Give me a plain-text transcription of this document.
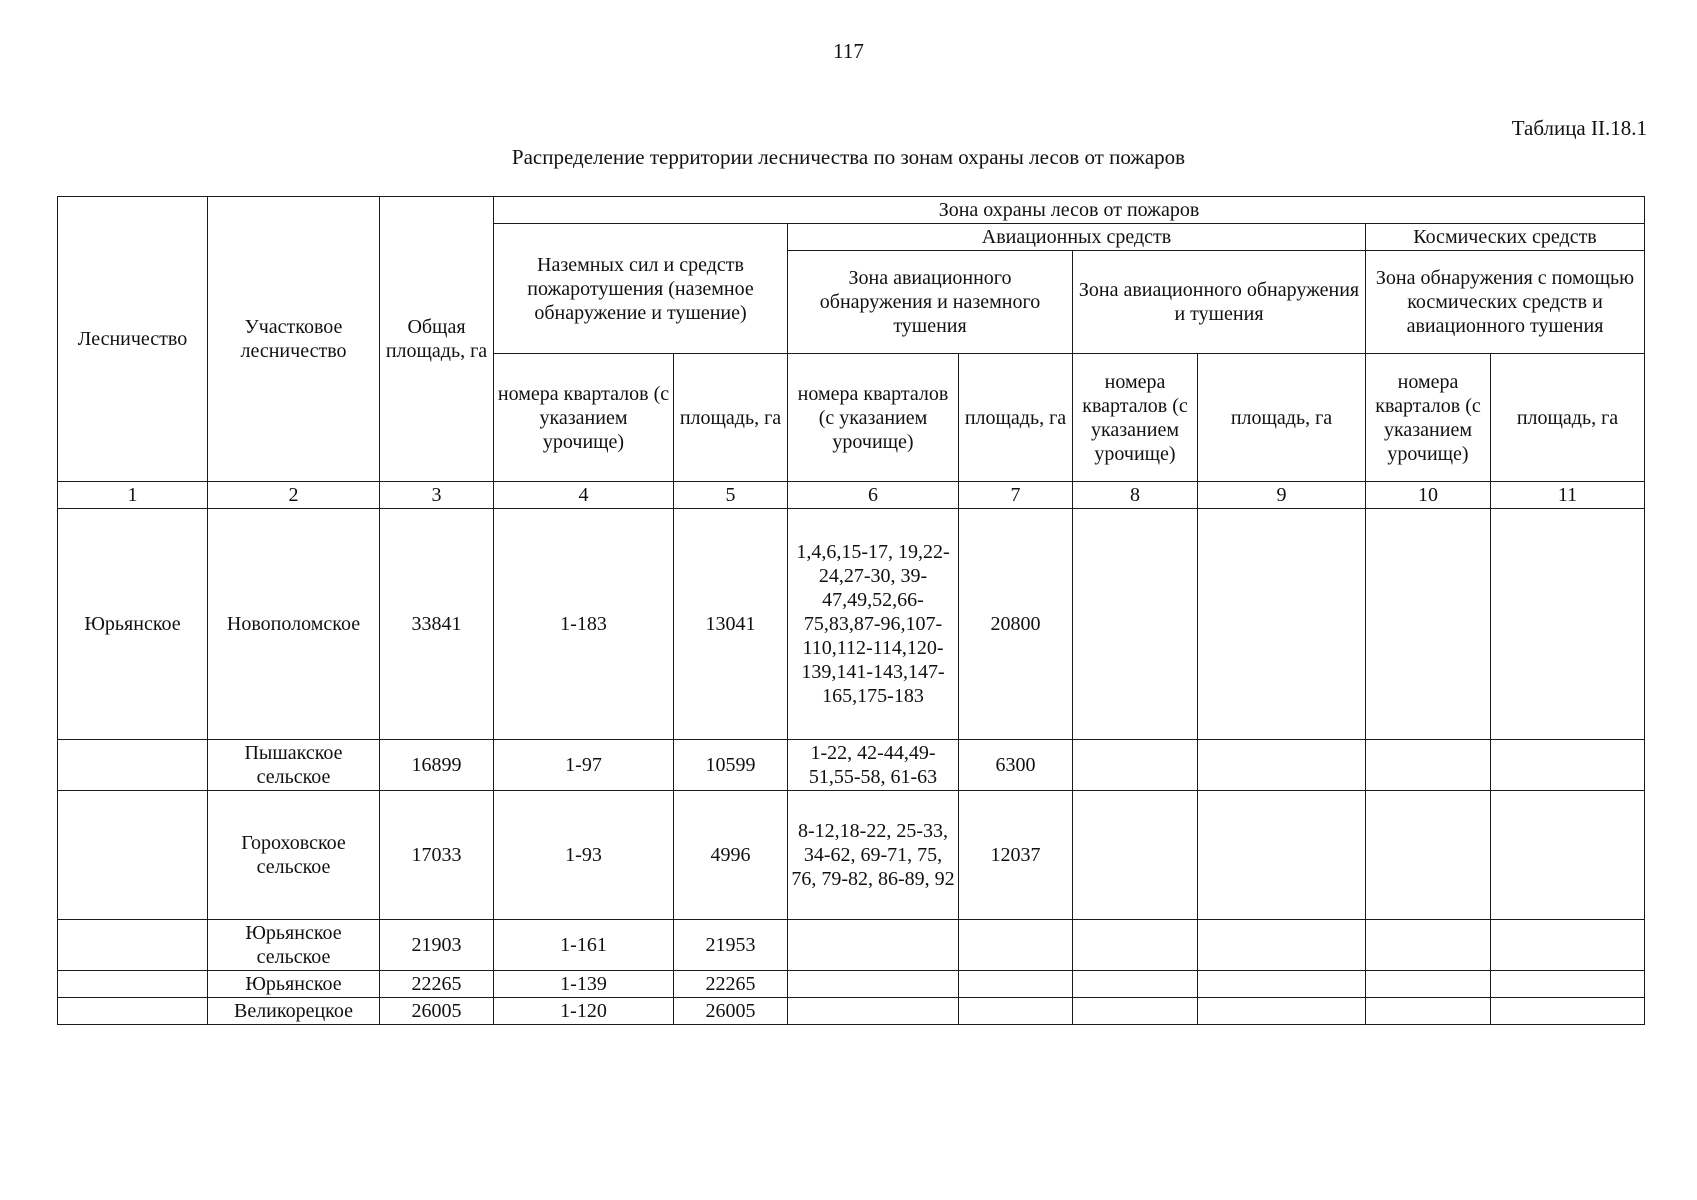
117
Таблица II.18.1
Распределение территории лесничества по зонам охраны лесов от пожаров
Лесничество	Участковое лесничество	Общая площадь, га	Зона охраны лесов от пожаров							
			Наземных сил и средств пожаротушения (наземное обнаружение и тушение)		Авиационных средств				Космических средств	
					Зона авиационного обнаружения и наземного тушения		Зона авиационного обнаружения и тушения		Зона обнаружения с помощью космических средств и авиационного тушения	
			номера кварталов (с указанием урочище)	площадь, га	номера кварталов (с указанием урочище)	площадь, га	номера кварталов (с указанием урочище)	площадь, га	номера кварталов (с указанием урочище)	площадь, га
1	2	3	4	5	6	7	8	9	10	11
Юрьянское	Новополомское	33841	1-183	13041	1,4,6,15-17, 19,22-24,27-30, 39-47,49,52,66-75,83,87-96,107-110,112-114,120-139,141-143,147-165,175-183	20800				
	Пышакское сельское	16899	1-97	10599	1-22, 42-44,49-51,55-58, 61-63	6300				
	Гороховское сельское	17033	1-93	4996	8-12,18-22, 25-33, 34-62, 69-71, 75, 76, 79-82, 86-89, 92	12037				
	Юрьянское сельское	21903	1-161	21953						
	Юрьянское	22265	1-139	22265						
	Великорецкое	26005	1-120	26005						
